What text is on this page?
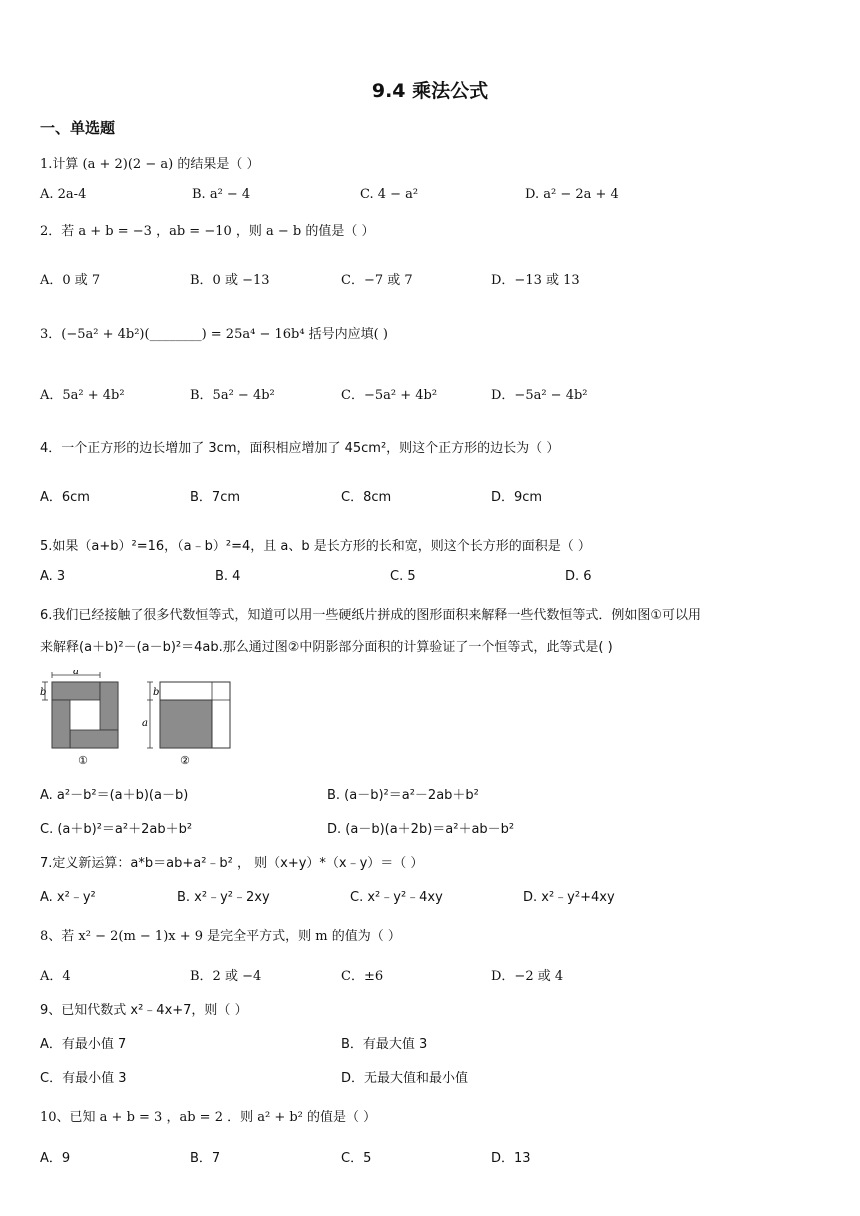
9.4 乘法公式
一、单选题
1.计算 (a + 2)(2 − a) 的结果是（ ）
A. 2a-4	B. a² − 4	C. 4 − a²	D. a² − 2a + 4
2．若 a + b = −3 ，ab = −10 ，则 a − b 的值是（ ）
A．0 或 7	B．0 或 −13	C．−7 或 7	D．−13 或 13
3．(−5a² + 4b²)(________) = 25a⁴ − 16b⁴ 括号内应填( )
A．5a² + 4b²	B．5a² − 4b²	C．−5a² + 4b²	D．−5a² − 4b²
4．一个正方形的边长增加了 3cm，面积相应增加了 45cm²，则这个正方形的边长为（ ）
A．6cm	B．7cm	C．8cm	D．9cm
5.如果（a+b）²=16，（a﹣b）²=4，且 a、b 是长方形的长和宽，则这个长方形的面积是（ ）
A. 3	B. 4	C. 5	D. 6
6.我们已经接触了很多代数恒等式，知道可以用一些硬纸片拼成的图形面积来解释一些代数恒等式．例如图①可以用
来解释(a＋b)²－(a－b)²＝4ab.那么通过图②中阴影部分面积的计算验证了一个恒等式，此等式是( )
a
b
①
b
a
②
A. a²－b²＝(a＋b)(a－b)	B. (a－b)²＝a²－2ab＋b²
C. (a＋b)²＝a²＋2ab＋b²	D. (a－b)(a＋2b)＝a²＋ab－b²
7.定义新运算：a*b＝ab+a²﹣b² ， 则（x+y）*（x﹣y）＝（ ）
A. x²﹣y²	B. x²﹣y²﹣2xy	C. x²﹣y²﹣4xy	D. x²﹣y²+4xy
8、若 x² − 2(m − 1)x + 9 是完全平方式，则 m 的值为（ ）
A．4	B．2 或 −4	C．±6	D．−2 或 4
9、已知代数式 x²﹣4x+7，则（ ）
A．有最小值 7	B．有最大值 3
C．有最小值 3	D．无最大值和最小值
10、已知 a + b = 3 ，ab = 2 ．则 a² + b² 的值是（ ）
A．9	B．7	C．5	D．13
